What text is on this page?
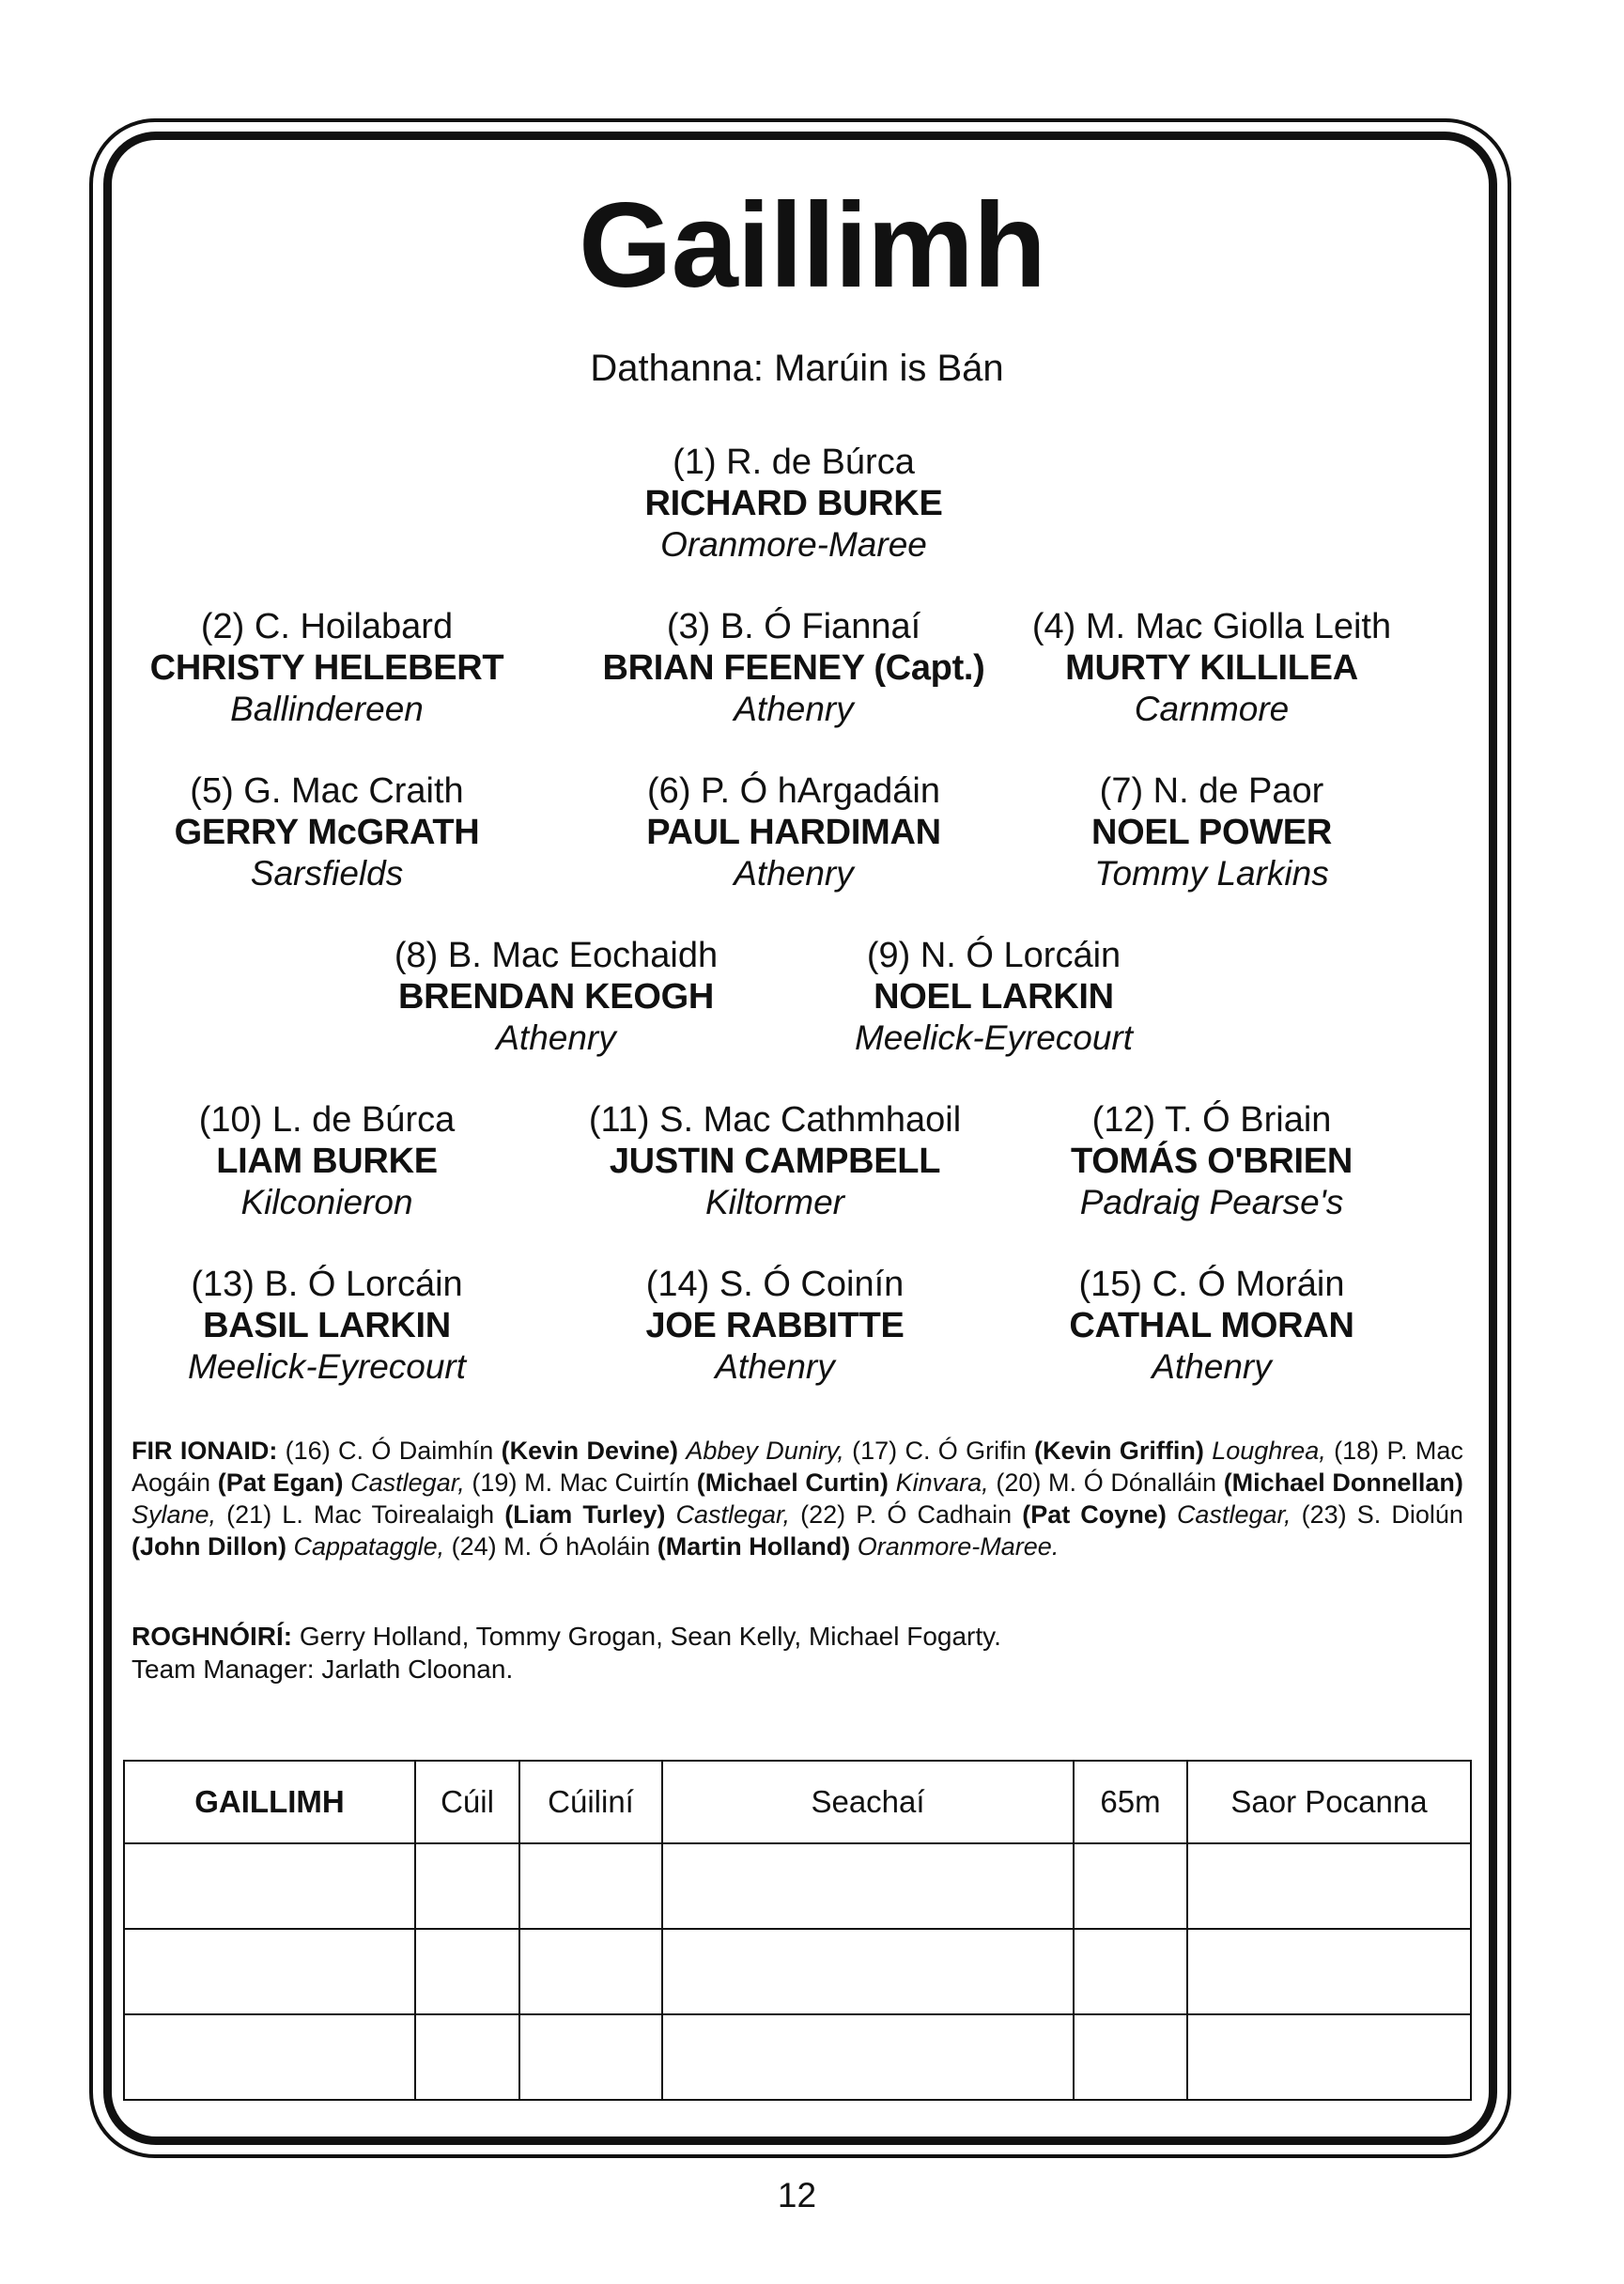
Gaillimh
Dathanna: Marúin is Bán
(1) R. de Búrca
RICHARD BURKE
Oranmore-Maree
(2) C. Hoilabard
CHRISTY HELEBERT
Ballindereen
(3) B. Ó Fiannaí
BRIAN FEENEY (Capt.)
Athenry
(4) M. Mac Giolla Leith
MURTY KILLILEA
Carnmore
(5) G. Mac Craith
GERRY McGRATH
Sarsfields
(6) P. Ó hArgadáin
PAUL HARDIMAN
Athenry
(7) N. de Paor
NOEL POWER
Tommy Larkins
(8) B. Mac Eochaidh
BRENDAN KEOGH
Athenry
(9) N. Ó Lorcáin
NOEL LARKIN
Meelick-Eyrecourt
(10) L. de Búrca
LIAM BURKE
Kilconieron
(11) S. Mac Cathmhaoil
JUSTIN CAMPBELL
Kiltormer
(12) T. Ó Briain
TOMÁS O'BRIEN
Padraig Pearse's
(13) B. Ó Lorcáin
BASIL LARKIN
Meelick-Eyrecourt
(14) S. Ó Coinín
JOE RABBITTE
Athenry
(15) C. Ó Moráin
CATHAL MORAN
Athenry
FIR IONAID: (16) C. Ó Daimhín (Kevin Devine) Abbey Duniry, (17) C. Ó Grifin (Kevin Griffin) Loughrea, (18) P. Mac Aogáin (Pat Egan) Castlegar, (19) M. Mac Cuirtín (Michael Curtin) Kinvara, (20) M. Ó Dónalláin (Michael Donnellan) Sylane, (21) L. Mac Toirealaigh (Liam Turley) Castlegar, (22) P. Ó Cadhain (Pat Coyne) Castlegar, (23) S. Diolún (John Dillon) Cappataggle, (24) M. Ó hAoláin (Martin Holland) Oranmore-Maree.
ROGHNÓIRÍ: Gerry Holland, Tommy Grogan, Sean Kelly, Michael Fogarty.
Team Manager: Jarlath Cloonan.
GAILLIMH	Cúil	Cúiliní	Seachaí	65m	Saor Pocanna

12
